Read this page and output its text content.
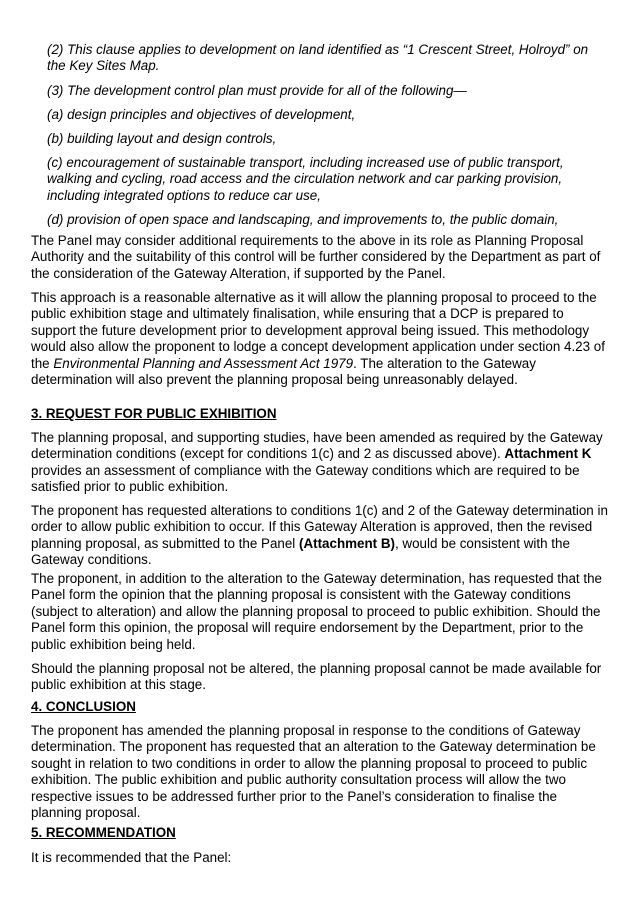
(2) This clause applies to development on land identified as “1 Crescent Street, Holroyd” on the Key Sites Map.

(3) The development control plan must provide for all of the following—

(a) design principles and objectives of development,

(b) building layout and design controls,

(c) encouragement of sustainable transport, including increased use of public transport, walking and cycling, road access and the circulation network and car parking provision, including integrated options to reduce car use,

(d) provision of open space and landscaping, and improvements to, the public domain,

The Panel may consider additional requirements to the above in its role as Planning Proposal Authority and the suitability of this control will be further considered by the Department as part of the consideration of the Gateway Alteration, if supported by the Panel.

This approach is a reasonable alternative as it will allow the planning proposal to proceed to the public exhibition stage and ultimately finalisation, while ensuring that a DCP is prepared to support the future development prior to development approval being issued. This methodology would also allow the proponent to lodge a concept development application under section 4.23 of the Environmental Planning and Assessment Act 1979. The alteration to the Gateway determination will also prevent the planning proposal being unreasonably delayed.

3. REQUEST FOR PUBLIC EXHIBITION

The planning proposal, and supporting studies, have been amended as required by the Gateway determination conditions (except for conditions 1(c) and 2 as discussed above). Attachment K provides an assessment of compliance with the Gateway conditions which are required to be satisfied prior to public exhibition.

The proponent has requested alterations to conditions 1(c) and 2 of the Gateway determination in order to allow public exhibition to occur. If this Gateway Alteration is approved, then the revised planning proposal, as submitted to the Panel (Attachment B), would be consistent with the Gateway conditions.

The proponent, in addition to the alteration to the Gateway determination, has requested that the Panel form the opinion that the planning proposal is consistent with the Gateway conditions (subject to alteration) and allow the planning proposal to proceed to public exhibition. Should the Panel form this opinion, the proposal will require endorsement by the Department, prior to the public exhibition being held.

Should the planning proposal not be altered, the planning proposal cannot be made available for public exhibition at this stage.

4. CONCLUSION

The proponent has amended the planning proposal in response to the conditions of Gateway determination. The proponent has requested that an alteration to the Gateway determination be sought in relation to two conditions in order to allow the planning proposal to proceed to public exhibition. The public exhibition and public authority consultation process will allow the two respective issues to be addressed further prior to the Panel’s consideration to finalise the planning proposal.

5. RECOMMENDATION

It is recommended that the Panel:
